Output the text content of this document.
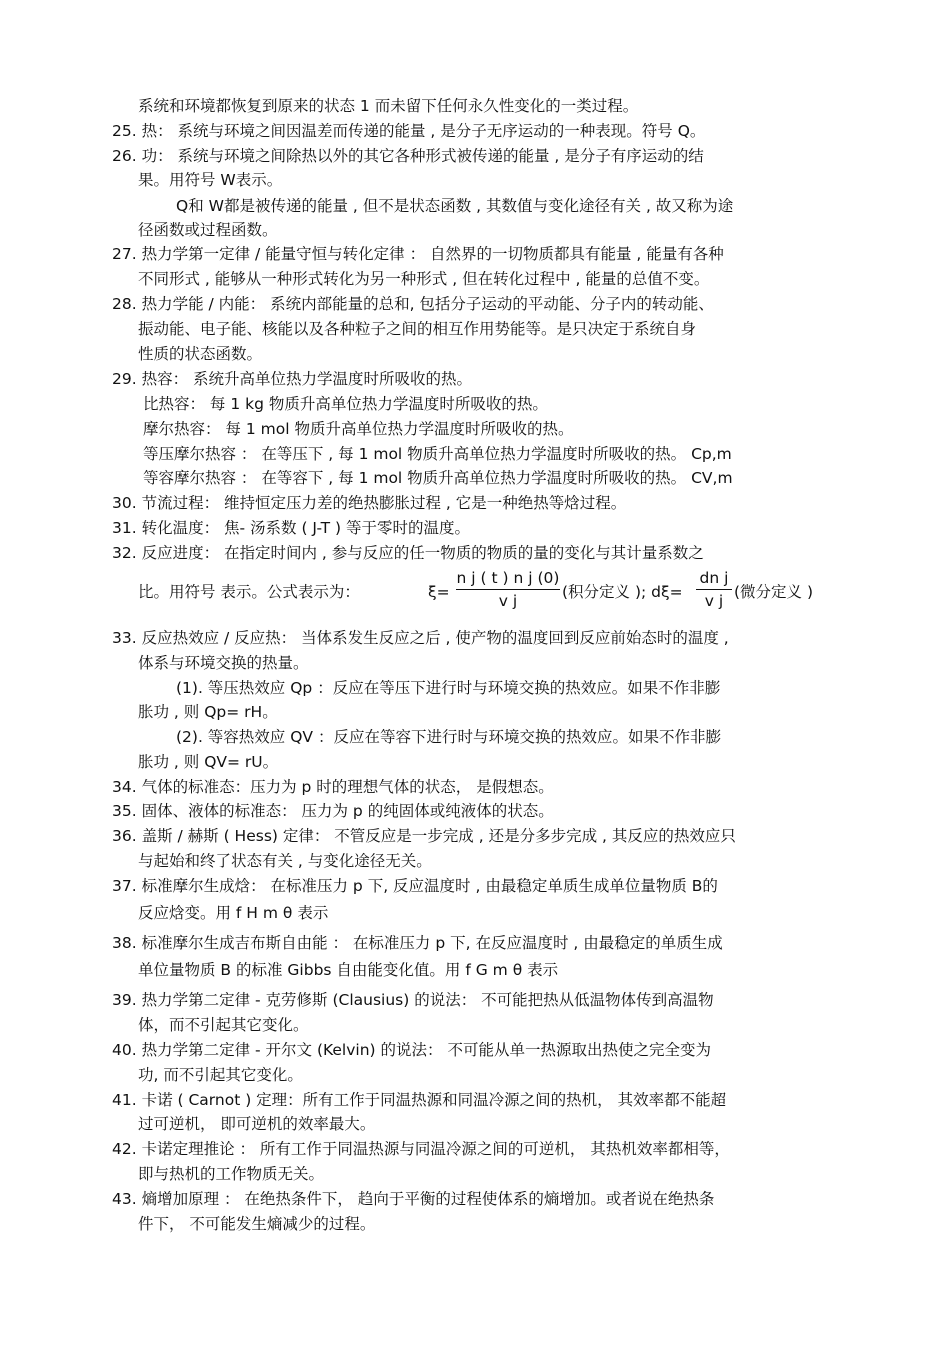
系统和环境都恢复到原来的状态 1 而未留下任何永久性变化的一类过程。
25. 热： 系统与环境之间因温差而传递的能量 , 是分子无序运动的一种表现。符号 Q。
26. 功： 系统与环境之间除热以外的其它各种形式被传递的能量 , 是分子有序运动的结
果。用符号 W表示。
Q和 W都是被传递的能量 , 但不是状态函数 , 其数值与变化途径有关 , 故又称为途
径函数或过程函数。
27. 热力学第一定律 / 能量守恒与转化定律 ： 自然界的一切物质都具有能量 , 能量有各种
不同形式 , 能够从一种形式转化为另一种形式 , 但在转化过程中 , 能量的总值不变。
28. 热力学能 / 内能： 系统内部能量的总和, 包括分子运动的平动能、分子内的转动能、
振动能、电子能、核能以及各种粒子之间的相互作用势能等。是只决定于系统自身
性质的状态函数。
29. 热容： 系统升高单位热力学温度时所吸收的热。
比热容： 每 1 kg 物质升高单位热力学温度时所吸收的热。
摩尔热容： 每 1 mol 物质升高单位热力学温度时所吸收的热。
等压摩尔热容 ： 在等压下 , 每 1 mol 物质升高单位热力学温度时所吸收的热。 Cp,m
等容摩尔热容 ： 在等容下 , 每 1 mol 物质升高单位热力学温度时所吸收的热。 CV,m
30. 节流过程： 维持恒定压力差的绝热膨胀过程 , 它是一种绝热等焓过程。
31. 转化温度： 焦- 汤系数 ( J-T ) 等于零时的温度。
32. 反应进度： 在指定时间内 , 参与反应的任一物质的物质的量的变化与其计量系数之
比。用符号 表示。公式表示为：	ξ=
n j ( t ) n j (0)
v j	(积分定义 ); dξ=
dn j
v j (微分定义 )
33. 反应热效应 / 反应热： 当体系发生反应之后 , 使产物的温度回到反应前始态时的温度 ,
体系与环境交换的热量。
(1). 等压热效应 Qp ：反应在等压下进行时与环境交换的热效应。如果不作非膨
胀功 , 则 Qp= rH。
(2). 等容热效应 QV ：反应在等容下进行时与环境交换的热效应。如果不作非膨
胀功 , 则 QV= rU。
34. 气体的标准态：压力为 p 时的理想气体的状态， 是假想态。
35. 固体、液体的标准态： 压力为 p 的纯固体或纯液体的状态。
36. 盖斯 / 赫斯 ( Hess) 定律： 不管反应是一步完成 , 还是分多步完成 , 其反应的热效应只
与起始和终了状态有关 , 与变化途径无关。
37. 标准摩尔生成焓： 在标准压力 p 下, 反应温度时 , 由最稳定单质生成单位量物质 B的
反应焓变。用 f H m θ 表示
38. 标准摩尔生成吉布斯自由能 ： 在标准压力 p 下, 在反应温度时 , 由最稳定的单质生成
单位量物质 B 的标准 Gibbs 自由能变化值。用 f G m θ 表示
39. 热力学第二定律 - 克劳修斯 (Clausius) 的说法： 不可能把热从低温物体传到高温物
体，而不引起其它变化。
40. 热力学第二定律 - 开尔文 (Kelvin) 的说法： 不可能从单一热源取出热使之完全变为
功, 而不引起其它变化。
41. 卡诺 ( Carnot ) 定理：所有工作于同温热源和同温冷源之间的热机， 其效率都不能超
过可逆机， 即可逆机的效率最大。
42. 卡诺定理推论 ： 所有工作于同温热源与同温冷源之间的可逆机， 其热机效率都相等，
即与热机的工作物质无关。
43. 熵增加原理 ： 在绝热条件下， 趋向于平衡的过程使体系的熵增加。或者说在绝热条
件下， 不可能发生熵减少的过程。
